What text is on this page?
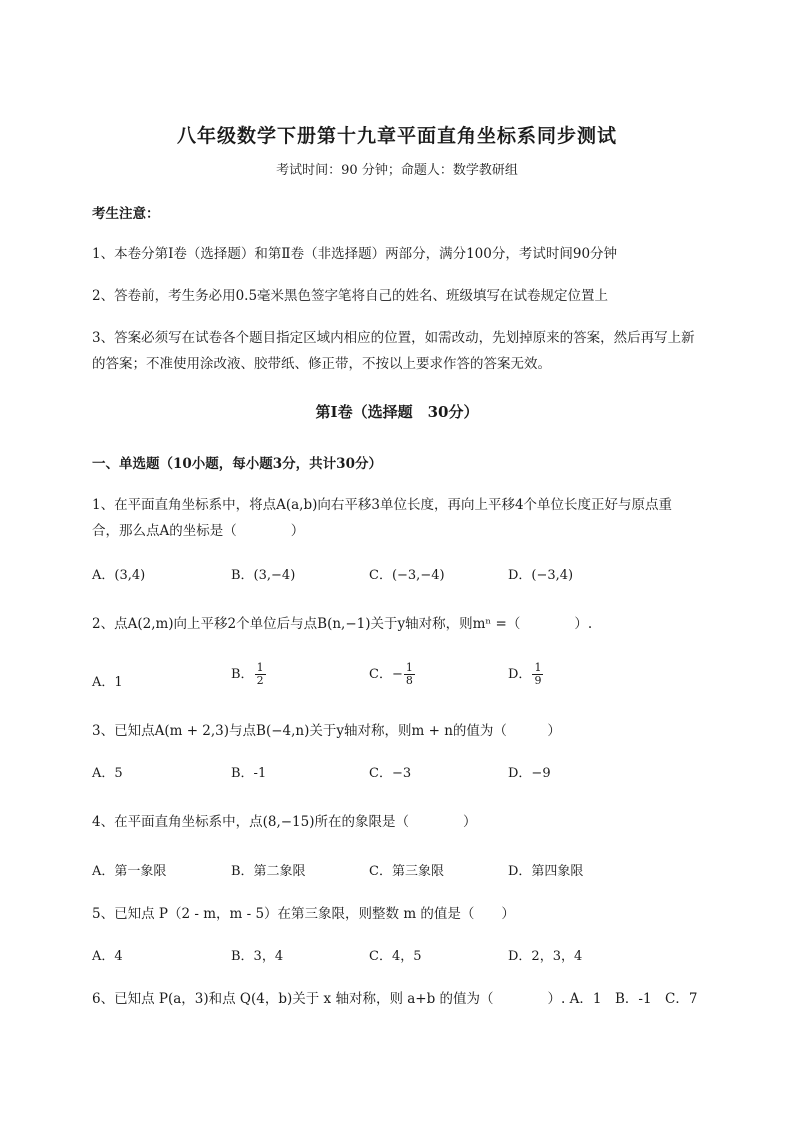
八年级数学下册第十九章平面直角坐标系同步测试
考试时间：90 分钟；命题人：数学教研组
考生注意：
1、本卷分第Ⅰ卷（选择题）和第Ⅱ卷（非选择题）两部分，满分100分，考试时间90分钟
2、答卷前，考生务必用0.5毫米黑色签字笔将自己的姓名、班级填写在试卷规定位置上
3、答案必须写在试卷各个题目指定区域内相应的位置，如需改动，先划掉原来的答案，然后再写上新
的答案；不准使用涂改液、胶带纸、修正带，不按以上要求作答的答案无效。
第Ⅰ卷（选择题　30分）
一、单选题（10小题，每小题3分，共计30分）
1、在平面直角坐标系中，将点A(a,b)向右平移3单位长度，再向上平移4个单位长度正好与原点重
合，那么点A的坐标是（　　　　）
A．(3,4)	B．(3,−4)	C．(−3,−4)	D．(−3,4)
2、点A(2,m)向上平移2个单位后与点B(n,−1)关于y轴对称，则mⁿ =（　　　　）.
A．1
B． $\frac{1}{2}$	C．− $\frac{1}{8}$	D． $\frac{1}{9}$
3、已知点A(m + 2,3)与点B(−4,n)关于y轴对称，则m + n的值为（　　　）
A．5	B．-1	C．−3	D．−9
4、在平面直角坐标系中，点(8,−15)所在的象限是（　　　　）
A．第一象限	B．第二象限	C．第三象限	D．第四象限
5、已知点 P（2 - m，m - 5）在第三象限，则整数 m 的值是（　　）
A．4	B．3，4	C．4，5	D．2，3，4
6、已知点 P(a，3)和点 Q(4，b)关于 x 轴对称，则 a+b 的值为（　　　　）. A．1　B．-1　C．7
